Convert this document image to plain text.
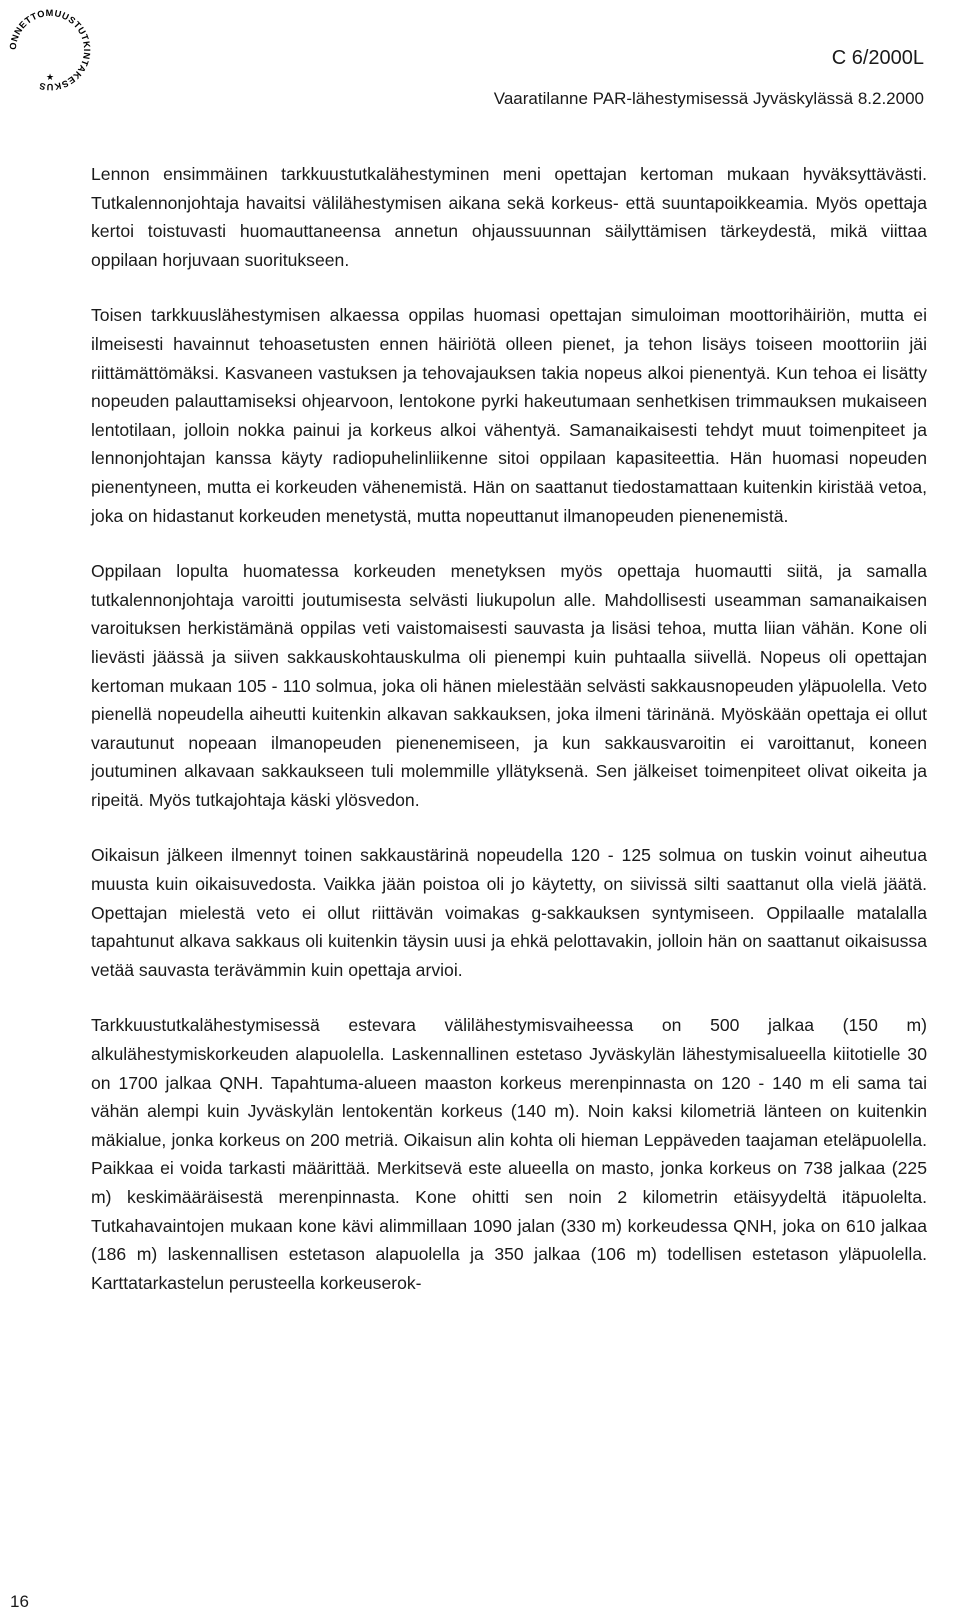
ONNETTOMUUSTUTKINTAKESKUS
★
C 6/2000L
Vaaratilanne PAR-lähestymisessä Jyväskylässä 8.2.2000

Lennon ensimmäinen tarkkuustutkalähestyminen meni opettajan kertoman mukaan hyväksyttävästi. Tutkalennonjohtaja havaitsi välilähestymisen aikana sekä korkeus- että suuntapoikkeamia. Myös opettaja kertoi toistuvasti huomauttaneensa annetun ohjaussuunnan säilyttämisen tärkeydestä, mikä viittaa oppilaan horjuvaan suoritukseen.

Toisen tarkkuuslähestymisen alkaessa oppilas huomasi opettajan simuloiman moottorihäiriön, mutta ei ilmeisesti havainnut tehoasetusten ennen häiriötä olleen pienet, ja tehon lisäys toiseen moottoriin jäi riittämättömäksi. Kasvaneen vastuksen ja tehovajauksen takia nopeus alkoi pienentyä. Kun tehoa ei lisätty nopeuden palauttamiseksi ohjearvoon, lentokone pyrki hakeutumaan senhetkisen trimmauksen mukaiseen lentotilaan, jolloin nokka painui ja korkeus alkoi vähentyä. Samanaikaisesti tehdyt muut toimenpiteet ja lennonjohtajan kanssa käyty radiopuhelinliikenne sitoi oppilaan kapasiteettia. Hän huomasi nopeuden pienentyneen, mutta ei korkeuden vähenemistä. Hän on saattanut tiedostamattaan kuitenkin kiristää vetoa, joka on hidastanut korkeuden menetystä, mutta nopeuttanut ilmanopeuden pienenemistä.

Oppilaan lopulta huomatessa korkeuden menetyksen myös opettaja huomautti siitä, ja samalla tutkalennonjohtaja varoitti joutumisesta selvästi liukupolun alle. Mahdollisesti useamman samanaikaisen varoituksen herkistämänä oppilas veti vaistomaisesti sauvasta ja lisäsi tehoa, mutta liian vähän. Kone oli lievästi jäässä ja siiven sakkauskohtauskulma oli pienempi kuin puhtaalla siivellä. Nopeus oli opettajan kertoman mukaan 105 - 110 solmua, joka oli hänen mielestään selvästi sakkausnopeuden yläpuolella. Veto pienellä nopeudella aiheutti kuitenkin alkavan sakkauksen, joka ilmeni tärinänä. Myöskään opettaja ei ollut varautunut nopeaan ilmanopeuden pienenemiseen, ja kun sakkausvaroitin ei varoittanut, koneen joutuminen alkavaan sakkaukseen tuli molemmille yllätyksenä. Sen jälkeiset toimenpiteet olivat oikeita ja ripeitä. Myös tutkajohtaja käski ylösvedon.

Oikaisun jälkeen ilmennyt toinen sakkaustärinä nopeudella 120 - 125 solmua on tuskin voinut aiheutua muusta kuin oikaisuvedosta. Vaikka jään poistoa oli jo käytetty, on siivissä silti saattanut olla vielä jäätä. Opettajan mielestä veto ei ollut riittävän voimakas g-sakkauksen syntymiseen. Oppilaalle matalalla tapahtunut alkava sakkaus oli kuitenkin täysin uusi ja ehkä pelottavakin, jolloin hän on saattanut oikaisussa vetää sauvasta terävämmin kuin opettaja arvioi.

Tarkkuustutkalähestymisessä estevara välilähestymisvaiheessa on 500 jalkaa (150 m) alkulähestymiskorkeuden alapuolella. Laskennallinen estetaso Jyväskylän lähestymisalueella kiitotielle 30 on 1700 jalkaa QNH. Tapahtuma-alueen maaston korkeus merenpinnasta on 120 - 140 m eli sama tai vähän alempi kuin Jyväskylän lentokentän korkeus (140 m). Noin kaksi kilometriä länteen on kuitenkin mäkialue, jonka korkeus on 200 metriä. Oikaisun alin kohta oli hieman Leppäveden taajaman eteläpuolella. Paikkaa ei voida tarkasti määrittää. Merkitsevä este alueella on masto, jonka korkeus on 738 jalkaa (225 m) keskimääräisestä merenpinnasta. Kone ohitti sen noin 2 kilometrin etäisyydeltä itäpuolelta. Tutkahavaintojen mukaan kone kävi alimmillaan 1090 jalan (330 m) korkeudessa QNH, joka on 610 jalkaa (186 m) laskennallisen estetason alapuolella ja 350 jalkaa (106 m) todellisen estetason yläpuolella. Karttatarkastelun perusteella korkeuserok-

16
